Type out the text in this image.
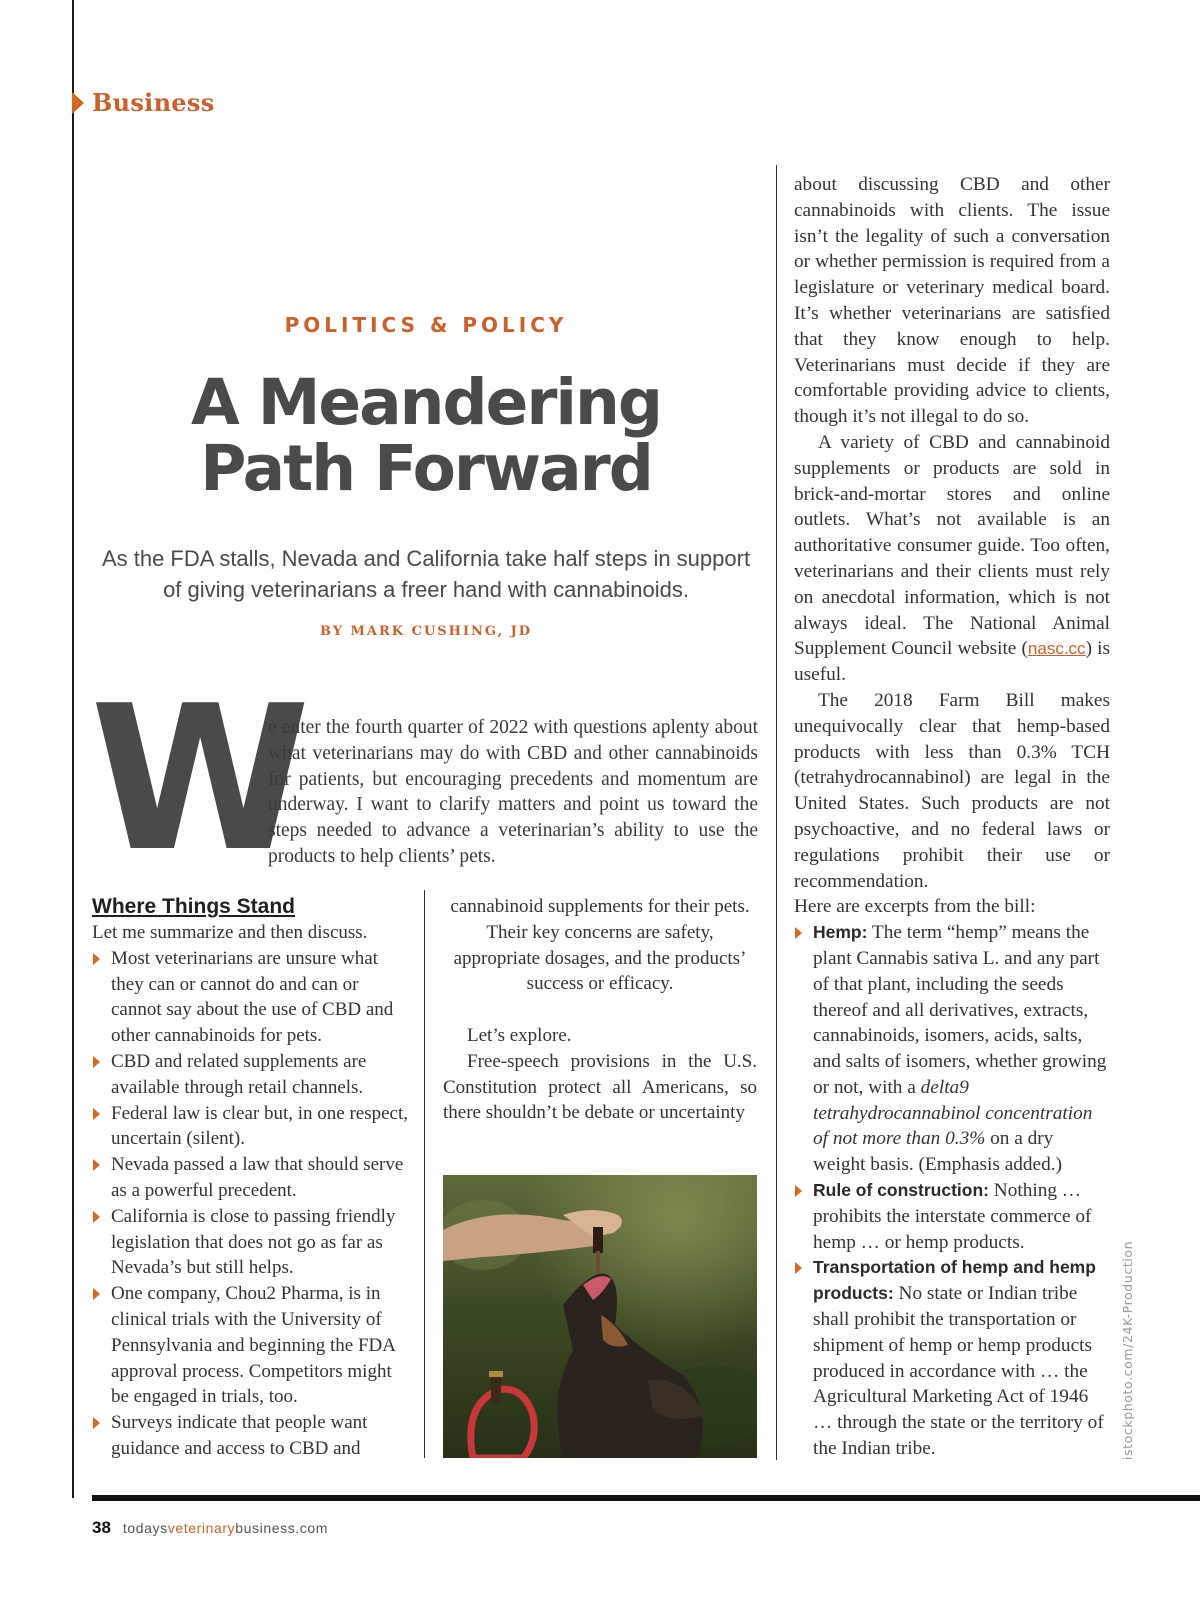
Business
POLITICS & POLICY
A Meandering
Path Forward
As the FDA stalls, Nevada and California take half steps in support of giving veterinarians a freer hand with cannabinoids.
BY MARK CUSHING, JD
W
e enter the fourth quarter of 2022 with questions aplenty about what veterinarians may do with CBD and other cannabinoids for patients, but encouraging precedents and momentum are underway. I want to clarify matters and point us toward the steps needed to advance a veterinarian’s ability to use the products to help clients’ pets.
Where Things Stand
Let me summarize and then discuss.
Most veterinarians are unsure what they can or cannot do and can or cannot say about the use of CBD and other cannabinoids for pets.
CBD and related supplements are available through retail channels.
Federal law is clear but, in one respect, uncertain (silent).
Nevada passed a law that should serve as a powerful precedent.
California is close to passing friendly legislation that does not go as far as Nevada’s but still helps.
One company, Chou2 Pharma, is in clinical trials with the University of Pennsylvania and beginning the FDA approval process. Competitors might be engaged in trials, too.
Surveys indicate that people want guidance and access to CBD and

cannabinoid supplements for their pets. Their key concerns are safety, appropriate dosages, and the products’ success or efficacy.

Let’s explore.

Free-speech provisions in the U.S. Constitution protect all Americans, so there shouldn’t be debate or uncertainty

about discussing CBD and other cannabinoids with clients. The issue isn’t the legality of such a conversation or whether permission is required from a legislature or veterinary medical board. It’s whether veterinarians are satisfied that they know enough to help. Veterinarians must decide if they are comfortable providing advice to clients, though it’s not illegal to do so.

A variety of CBD and cannabinoid supplements or products are sold in brick-and-mortar stores and online outlets. What’s not available is an authoritative consumer guide. Too often, veterinarians and their clients must rely on anecdotal information, which is not always ideal. The National Animal Supplement Council website (nasc.cc) is useful.

The 2018 Farm Bill makes unequivocally clear that hemp-based products with less than 0.3% TCH (tetrahydrocannabinol) are legal in the United States. Such products are not psychoactive, and no federal laws or regulations prohibit their use or recommendation.

Here are excerpts from the bill:

Hemp: The term “hemp” means the plant Cannabis sativa L. and any part of that plant, including the seeds thereof and all derivatives, extracts, cannabinoids, isomers, acids, salts, and salts of isomers, whether growing or not, with a delta9 tetrahydrocannabinol concentration of not more than 0.3% on a dry weight basis. (Emphasis added.)
Rule of construction: Nothing … prohibits the interstate commerce of hemp … or hemp products.
Transportation of hemp and hemp products: No state or Indian tribe shall prohibit the transportation or shipment of hemp or hemp products produced in accordance with … the Agricultural Marketing Act of 1946 … through the state or the territory of the Indian tribe.	istockphoto.com/24K-Production
38 todaysveterinarybusiness.com
